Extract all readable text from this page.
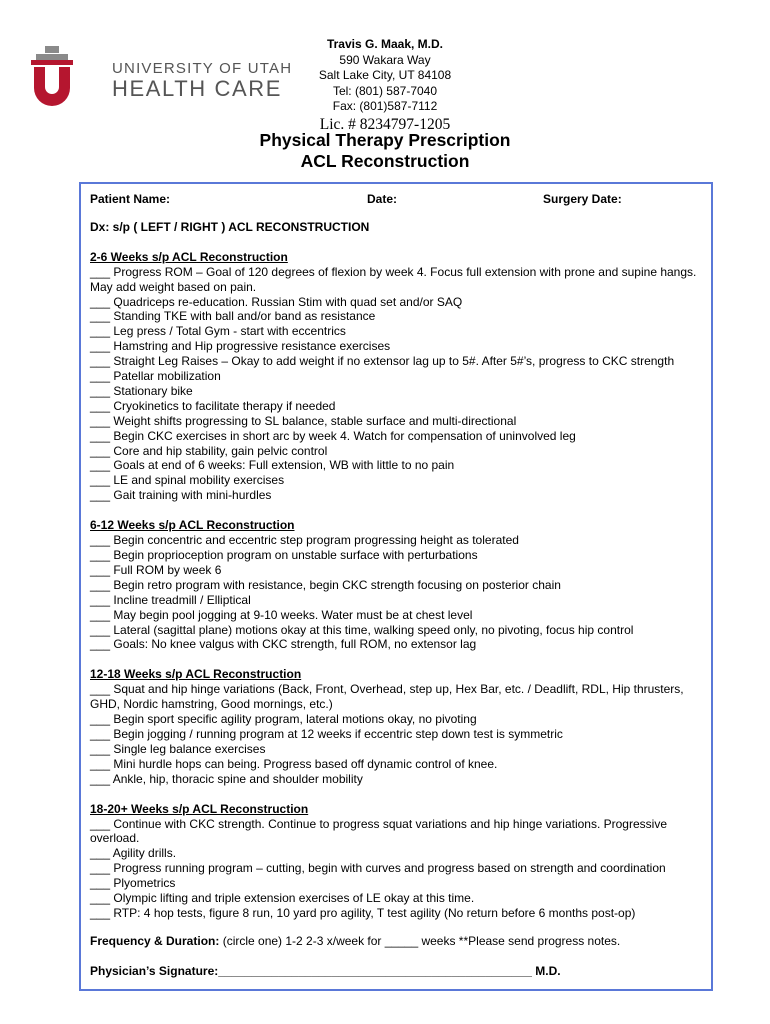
UNIVERSITY OF UTAH
HEALTH CARE
Travis G. Maak, M.D.
590 Wakara Way
Salt Lake City, UT 84108
Tel: (801) 587-7040
Fax: (801)587-7112
Lic. # 8234797-1205
Physical Therapy Prescription
ACL Reconstruction
Patient Name:	Date:	Surgery Date:
Dx: s/p ( LEFT / RIGHT ) ACL RECONSTRUCTION
2-6 Weeks s/p ACL Reconstruction
___ Progress ROM – Goal of 120 degrees of flexion by week 4. Focus full extension with prone and supine hangs. May add weight based on pain.
___ Quadriceps re-education. Russian Stim with quad set and/or SAQ
___ Standing TKE with ball and/or band as resistance
___ Leg press / Total Gym - start with eccentrics
___ Hamstring and Hip progressive resistance exercises
___ Straight Leg Raises – Okay to add weight if no extensor lag up to 5#. After 5#’s, progress to CKC strength
___ Patellar mobilization
___ Stationary bike
___ Cryokinetics to facilitate therapy if needed
___ Weight shifts progressing to SL balance, stable surface and multi-directional
___ Begin CKC exercises in short arc by week 4. Watch for compensation of uninvolved leg
___ Core and hip stability, gain pelvic control
___ Goals at end of 6 weeks: Full extension, WB with little to no pain
___ LE and spinal mobility exercises
___ Gait training with mini-hurdles
6-12 Weeks s/p ACL Reconstruction
___ Begin concentric and eccentric step program progressing height as tolerated
___ Begin proprioception program on unstable surface with perturbations
___ Full ROM by week 6
___ Begin retro program with resistance, begin CKC strength focusing on posterior chain
___ Incline treadmill / Elliptical
___ May begin pool jogging at 9-10 weeks. Water must be at chest level
___ Lateral (sagittal plane) motions okay at this time, walking speed only, no pivoting, focus hip control
___ Goals: No knee valgus with CKC strength, full ROM, no extensor lag
12-18 Weeks s/p ACL Reconstruction
___ Squat and hip hinge variations (Back, Front, Overhead, step up, Hex Bar, etc. / Deadlift, RDL, Hip thrusters, GHD, Nordic hamstring, Good mornings, etc.)
___ Begin sport specific agility program, lateral motions okay, no pivoting
___ Begin jogging / running program at 12 weeks if eccentric step down test is symmetric
___ Single leg balance exercises
___ Mini hurdle hops can being. Progress based off dynamic control of knee.
___ Ankle, hip, thoracic spine and shoulder mobility
18-20+ Weeks s/p ACL Reconstruction
___ Continue with CKC strength. Continue to progress squat variations and hip hinge variations. Progressive overload.
___ Agility drills.
___ Progress running program – cutting, begin with curves and progress based on strength and coordination
___ Plyometrics
___ Olympic lifting and triple extension exercises of LE okay at this time.
___ RTP: 4 hop tests, figure 8 run, 10 yard pro agility, T test agility (No return before 6 months post-op)
Frequency & Duration: (circle one) 1-2 2-3 x/week for _____ weeks **Please send progress notes.
Physician’s Signature:_______________________________________________ M.D.
